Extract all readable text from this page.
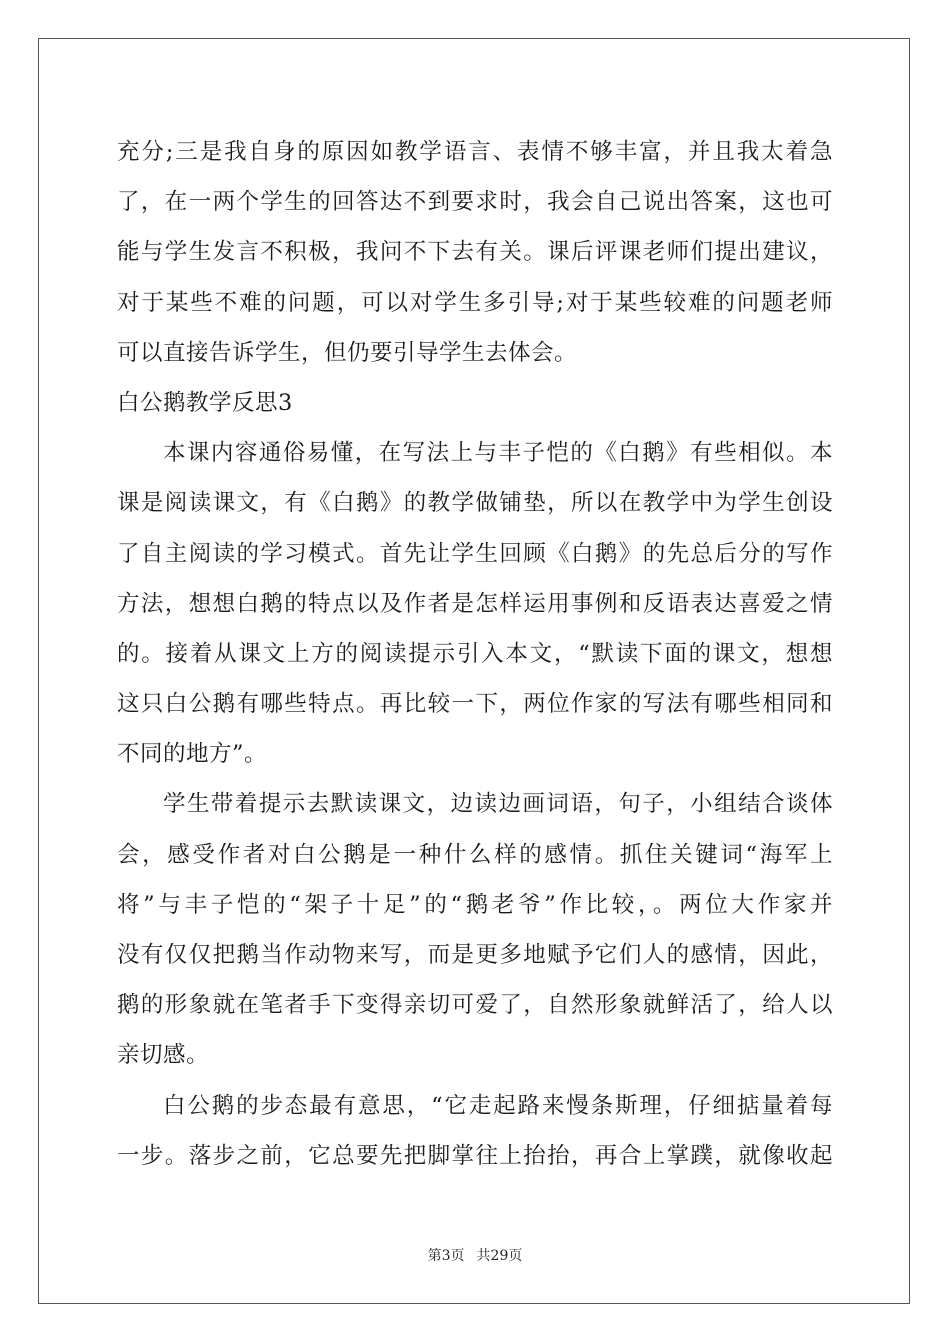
充分;三是我自身的原因如教学语言、表情不够丰富，并且我太着急
了，在一两个学生的回答达不到要求时，我会自己说出答案，这也可
能与学生发言不积极，我问不下去有关。课后评课老师们提出建议，
对于某些不难的问题，可以对学生多引导;对于某些较难的问题老师
可以直接告诉学生，但仍要引导学生去体会。
白公鹅教学反思3
本课内容通俗易懂，在写法上与丰子恺的《白鹅》有些相似。本
课是阅读课文，有《白鹅》的教学做铺垫，所以在教学中为学生创设
了自主阅读的学习模式。首先让学生回顾《白鹅》的先总后分的写作
方法，想想白鹅的特点以及作者是怎样运用事例和反语表达喜爱之情
的。接着从课文上方的阅读提示引入本文，“默读下面的课文，想想
这只白公鹅有哪些特点。再比较一下，两位作家的写法有哪些相同和
不同的地方”。
学生带着提示去默读课文，边读边画词语，句子，小组结合谈体
会，感受作者对白公鹅是一种什么样的感情。抓住关键词“海军上
将”与丰子恺的“架子十足”的“鹅老爷”作比较，。两位大作家并
没有仅仅把鹅当作动物来写，而是更多地赋予它们人的感情，因此，
鹅的形象就在笔者手下变得亲切可爱了，自然形象就鲜活了，给人以
亲切感。
白公鹅的步态最有意思，“它走起路来慢条斯理，仔细掂量着每
一步。落步之前，它总要先把脚掌往上抬抬，再合上掌蹼，就像收起
第3页 共29页
